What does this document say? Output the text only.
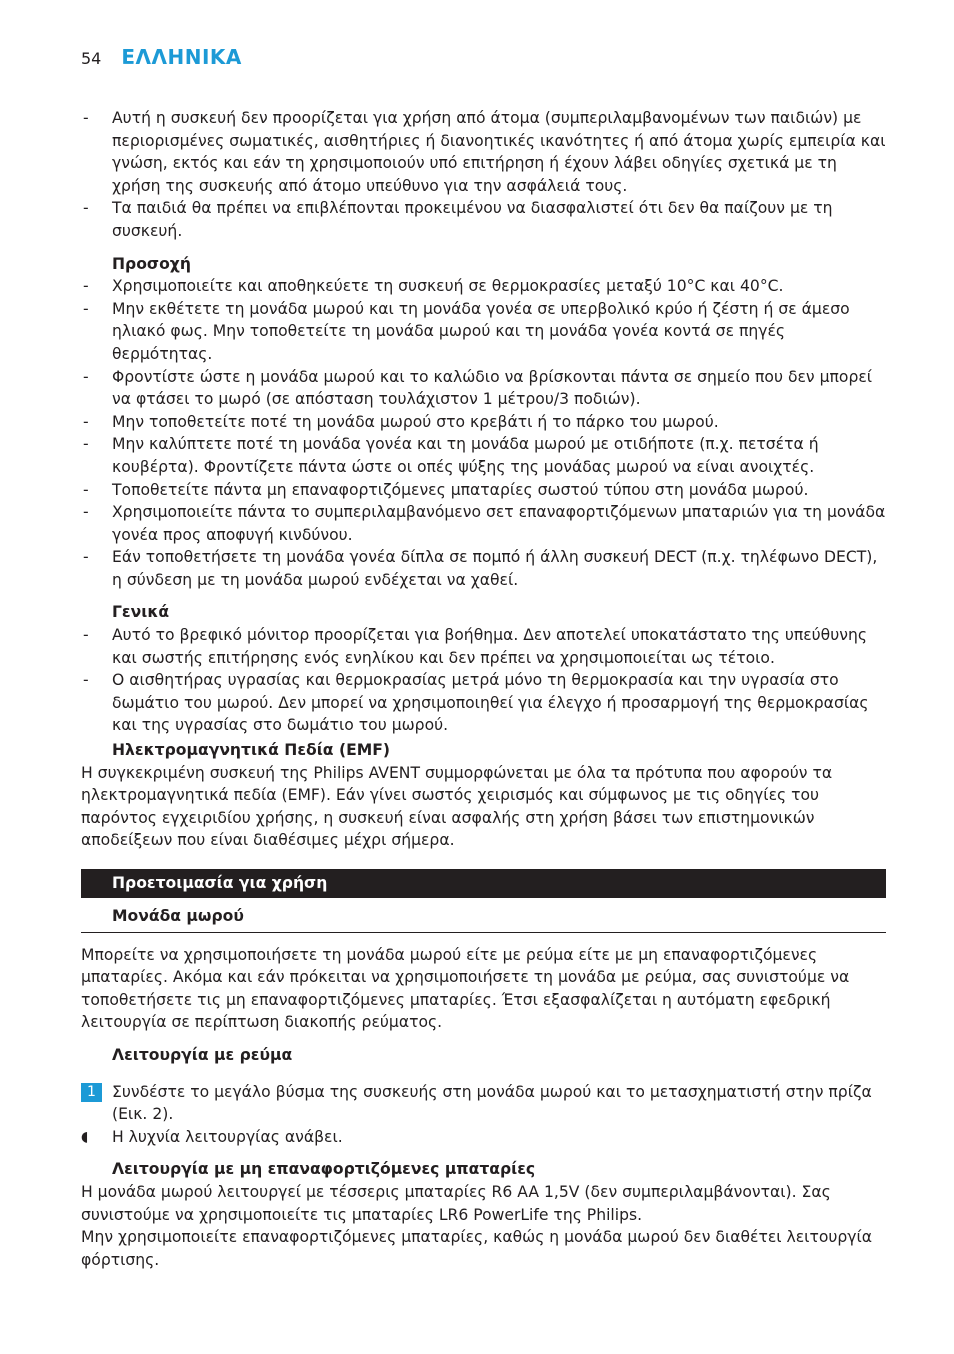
54 ΕΛΛΗΝΙΚΑ
- Αυτή η συσκευή δεν προορίζεται για χρήση από άτομα (συμπεριλαμβανομένων των παιδιών) με περιορισμένες σωματικές, αισθητήριες ή διανοητικές ικανότητες ή από άτομα χωρίς εμπειρία και γνώση, εκτός και εάν τη χρησιμοποιούν υπό επιτήρηση ή έχουν λάβει οδηγίες σχετικά με τη χρήση της συσκευής από άτομο υπεύθυνο για την ασφάλειά τους.
- Τα παιδιά θα πρέπει να επιβλέπονται προκειμένου να διασφαλιστεί ότι δεν θα παίζουν με τη συσκευή.
Προσοχή
- Χρησιμοποιείτε και αποθηκεύετε τη συσκευή σε θερμοκρασίες μεταξύ 10°C και 40°C.
- Μην εκθέτετε τη μονάδα μωρού και τη μονάδα γονέα σε υπερβολικό κρύο ή ζέστη ή σε άμεσο ηλιακό φως. Μην τοποθετείτε τη μονάδα μωρού και τη μονάδα γονέα κοντά σε πηγές θερμότητας.
- Φροντίστε ώστε η μονάδα μωρού και το καλώδιο να βρίσκονται πάντα σε σημείο που δεν μπορεί να φτάσει το μωρό (σε απόσταση τουλάχιστον 1 μέτρου/3 ποδιών).
- Μην τοποθετείτε ποτέ τη μονάδα μωρού στο κρεβάτι ή το πάρκο του μωρού.
- Μην καλύπτετε ποτέ τη μονάδα γονέα και τη μονάδα μωρού με οτιδήποτε (π.χ. πετσέτα ή κουβέρτα). Φροντίζετε πάντα ώστε οι οπές ψύξης της μονάδας μωρού να είναι ανοιχτές.
- Τοποθετείτε πάντα μη επαναφορτιζόμενες μπαταρίες σωστού τύπου στη μονάδα μωρού.
- Χρησιμοποιείτε πάντα το συμπεριλαμβανόμενο σετ επαναφορτιζόμενων μπαταριών για τη μονάδα γονέα προς αποφυγή κινδύνου.
- Εάν τοποθετήσετε τη μονάδα γονέα δίπλα σε πομπό ή άλλη συσκευή DECT (π.χ. τηλέφωνο DECT), η σύνδεση με τη μονάδα μωρού ενδέχεται να χαθεί.
Γενικά
- Αυτό το βρεφικό μόνιτορ προορίζεται για βοήθημα. Δεν αποτελεί υποκατάστατο της υπεύθυνης και σωστής επιτήρησης ενός ενηλίκου και δεν πρέπει να χρησιμοποιείται ως τέτοιο.
- Ο αισθητήρας υγρασίας και θερμοκρασίας μετρά μόνο τη θερμοκρασία και την υγρασία στο δωμάτιο του μωρού. Δεν μπορεί να χρησιμοποιηθεί για έλεγχο ή προσαρμογή της θερμοκρασίας και της υγρασίας στο δωμάτιο του μωρού.
Ηλεκτρομαγνητικά Πεδία (EMF)

Η συγκεκριμένη συσκευή της Philips AVENT συμμορφώνεται με όλα τα πρότυπα που αφορούν τα ηλεκτρομαγνητικά πεδία (EMF). Εάν γίνει σωστός χειρισμός και σύμφωνος με τις οδηγίες του παρόντος εγχειριδίου χρήσης, η συσκευή είναι ασφαλής στη χρήση βάσει των επιστημονικών αποδείξεων που είναι διαθέσιμες μέχρι σήμερα.

Προετοιμασία για χρήση
Μονάδα μωρού

Μπορείτε να χρησιμοποιήσετε τη μονάδα μωρού είτε με ρεύμα είτε με μη επαναφορτιζόμενες μπαταρίες. Ακόμα και εάν πρόκειται να χρησιμοποιήσετε τη μονάδα με ρεύμα, σας συνιστούμε να τοποθετήσετε τις μη επαναφορτιζόμενες μπαταρίες. Έτσι εξασφαλίζεται η αυτόματη εφεδρική λειτουργία σε περίπτωση διακοπής ρεύματος.

Λειτουργία με ρεύμα
1	Συνδέστε το μεγάλο βύσμα της συσκευής στη μονάδα μωρού και το μετασχηματιστή στην πρίζα (Εικ. 2).
◖ Η λυχνία λειτουργίας ανάβει.
Λειτουργία με μη επαναφορτιζόμενες μπαταρίες

Η μονάδα μωρού λειτουργεί με τέσσερις μπαταρίες R6 AA 1,5V (δεν συμπεριλαμβάνονται). Σας συνιστούμε να χρησιμοποιείτε τις μπαταρίες LR6 PowerLife της Philips.

Μην χρησιμοποιείτε επαναφορτιζόμενες μπαταρίες, καθώς η μονάδα μωρού δεν διαθέτει λειτουργία φόρτισης.
